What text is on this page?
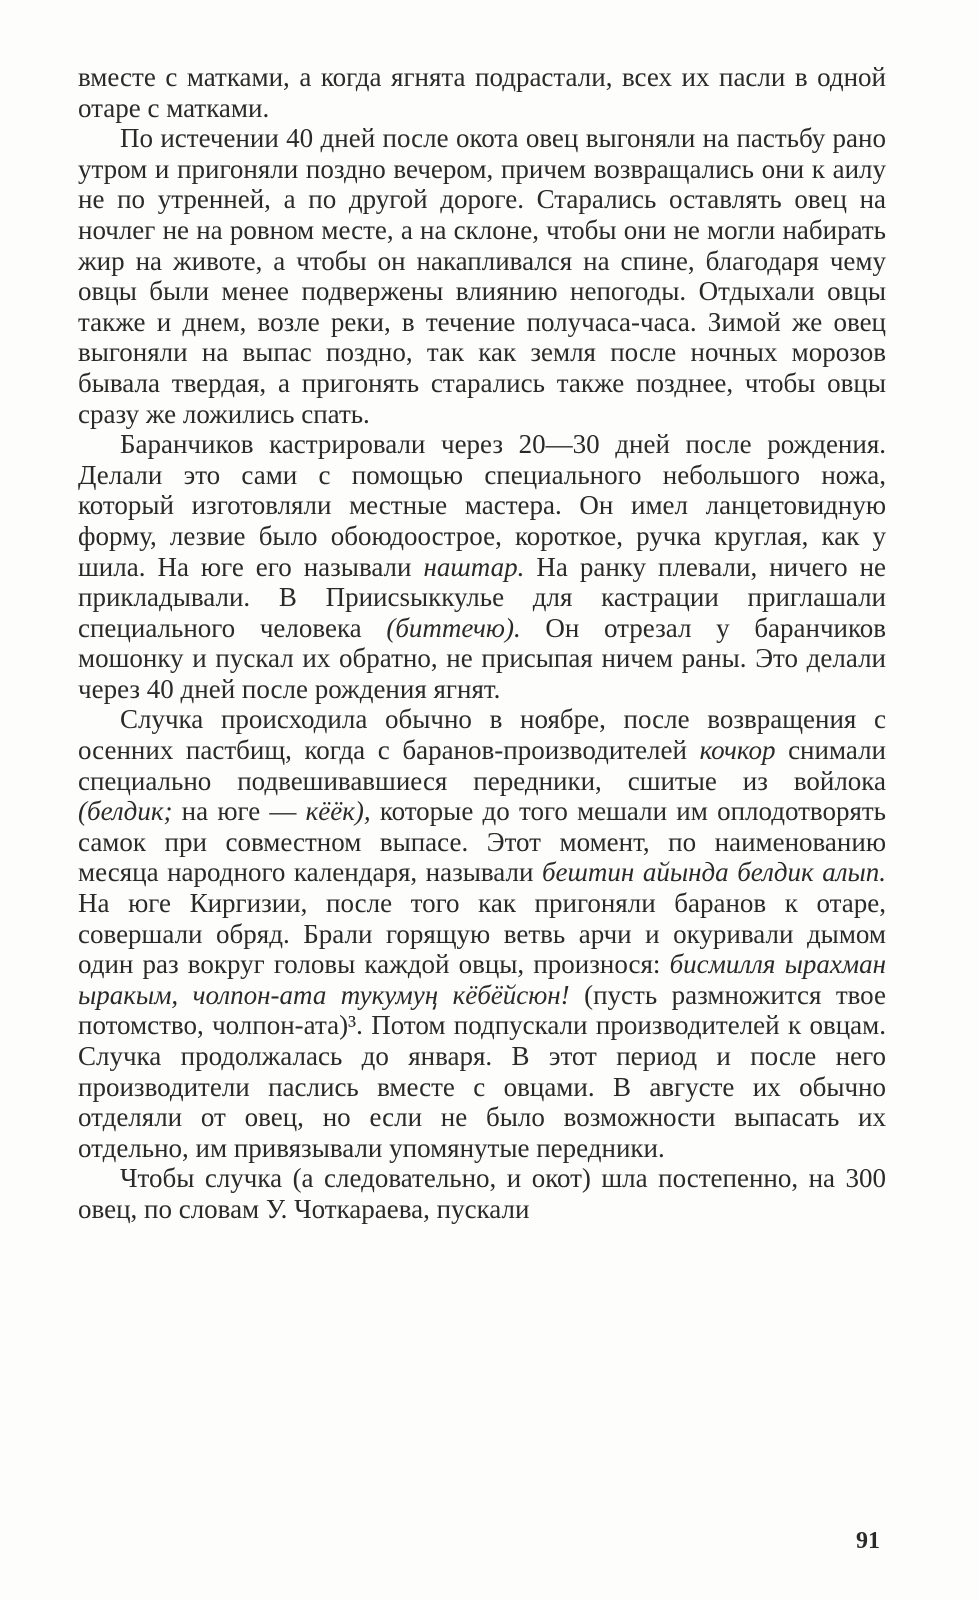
вместе с матками, а когда ягнята подрастали, всех их пасли в одной отаре с матками.

По истечении 40 дней после окота овец выгоняли на пастьбу рано утром и пригоняли поздно вечером, причем возвращались они к аилу не по утренней, а по другой дороге. Старались оставлять овец на ночлег не на ровном месте, а на склоне, чтобы они не могли набирать жир на животе, а чтобы он накапливался на спине, благодаря чему овцы были менее подвержены влиянию непогоды. Отдыхали овцы также и днем, возле реки, в течение получаса-часа. Зимой же овец выгоняли на выпас поздно, так как земля после ночных морозов бывала твердая, а пригонять старались также позднее, чтобы овцы сразу же ложились спать.

Баранчиков кастрировали через 20—30 дней после рождения. Делали это сами с помощью специального небольшого ножа, который изготовляли местные мастера. Он имел ланцетовидную форму, лезвие было обоюдоострое, короткое, ручка круглая, как у шила. На юге его называли наштар. На ранку плевали, ничего не прикладывали. В Приисsыккулье для кастрации приглашали специального человека (биттечю). Он отрезал у баранчиков мошонку и пускал их обратно, не присыпая ничем раны. Это делали через 40 дней после рождения ягнят.

Случка происходила обычно в ноябре, после возвращения с осенних пастбищ, когда с баранов-производителей кочкор снимали специально подвешивавшиеся передники, сшитые из войлока (белдик; на юге — кёёк), которые до того мешали им оплодотворять самок при совместном выпасе. Этот момент, по наименованию месяца народного календаря, называли бештин айында белдик алып. На юге Киргизии, после того как пригоняли баранов к отаре, совершали обряд. Брали горящую ветвь арчи и окуривали дымом один раз вокруг головы каждой овцы, произнося: бисмилля ырахман ыракым, чолпон-ата тукумуң кёбёйсюн! (пусть размножится твое потомство, чолпон-ата)³. Потом подпускали производителей к овцам. Случка продолжалась до января. В этот период и после него производители паслись вместе с овцами. В августе их обычно отделяли от овец, но если не было возможности выпасать их отдельно, им привязывали упомянутые передники.

Чтобы случка (а следовательно, и окот) шла постепенно, на 300 овец, по словам У. Чоткараева, пускали

91
